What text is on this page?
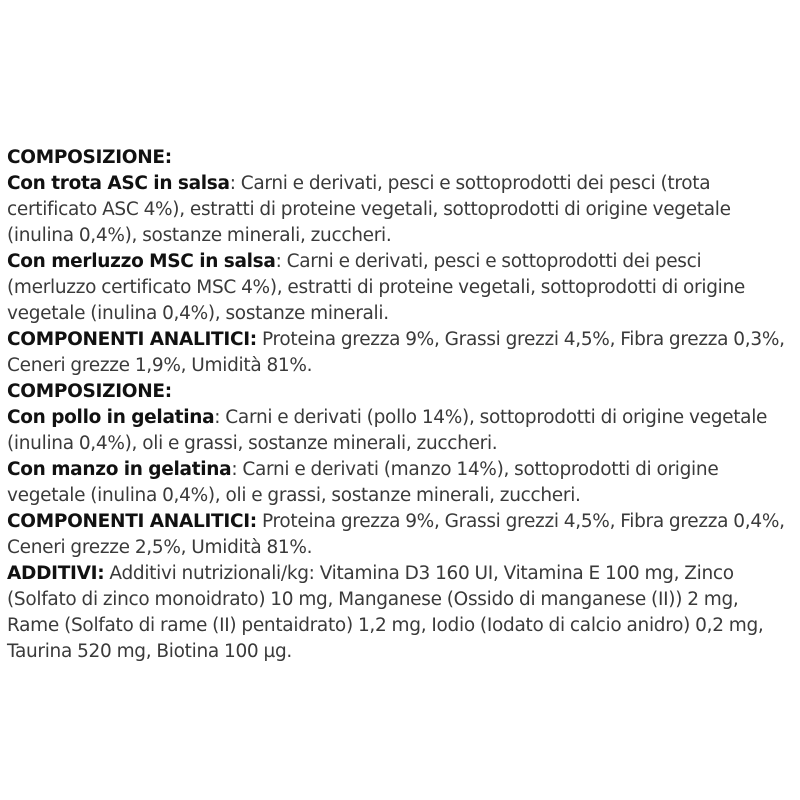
COMPOSIZIONE:
Con trota ASC in salsa: Carni e derivati, pesci e sottoprodotti dei pesci (trota certificato ASC 4%), estratti di proteine vegetali, sottoprodotti di origine vegetale (inulina 0,4%), sostanze minerali, zuccheri.
Con merluzzo MSC in salsa: Carni e derivati, pesci e sottoprodotti dei pesci (merluzzo certificato MSC 4%), estratti di proteine vegetali, sottoprodotti di origine vegetale (inulina 0,4%), sostanze minerali.
COMPONENTI ANALITICI: Proteina grezza 9%, Grassi grezzi 4,5%, Fibra grezza 0,3%, Ceneri grezze 1,9%, Umidità 81%.
COMPOSIZIONE:
Con pollo in gelatina: Carni e derivati (pollo 14%), sottoprodotti di origine vegetale (inulina 0,4%), oli e grassi, sostanze minerali, zuccheri.
Con manzo in gelatina: Carni e derivati (manzo 14%), sottoprodotti di origine vegetale (inulina 0,4%), oli e grassi, sostanze minerali, zuccheri.
COMPONENTI ANALITICI: Proteina grezza 9%, Grassi grezzi 4,5%, Fibra grezza 0,4%, Ceneri grezze 2,5%, Umidità 81%.
ADDITIVI: Additivi nutrizionali/kg: Vitamina D3 160 UI, Vitamina E 100 mg, Zinco (Solfato di zinco monoidrato) 10 mg, Manganese (Ossido di manganese (II)) 2 mg, Rame (Solfato di rame (II) pentaidrato) 1,2 mg, Iodio (Iodato di calcio anidro) 0,2 mg, Taurina 520 mg, Biotina 100 µg.
